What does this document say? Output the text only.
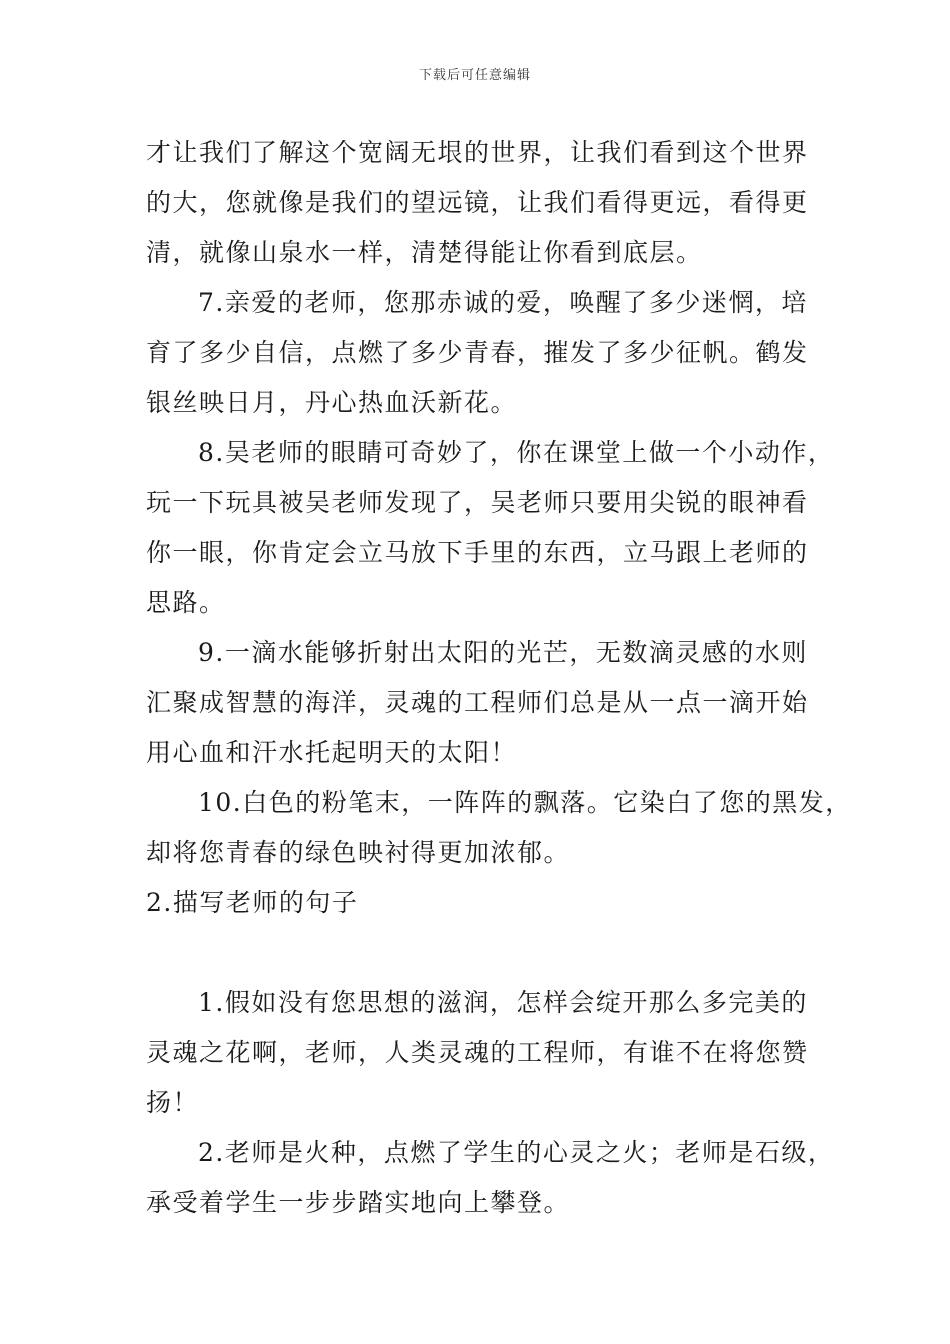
下载后可任意编辑
才让我们了解这个宽阔无垠的世界，让我们看到这个世界
的大，您就像是我们的望远镜，让我们看得更远，看得更
清，就像山泉水一样，清楚得能让你看到底层。
7.亲爱的老师，您那赤诚的爱，唤醒了多少迷惘，培
育了多少自信，点燃了多少青春，摧发了多少征帆。鹤发
银丝映日月，丹心热血沃新花。
8.吴老师的眼睛可奇妙了，你在课堂上做一个小动作，
玩一下玩具被吴老师发现了，吴老师只要用尖锐的眼神看
你一眼，你肯定会立马放下手里的东西，立马跟上老师的
思路。
9.一滴水能够折射出太阳的光芒，无数滴灵感的水则
汇聚成智慧的海洋，灵魂的工程师们总是从一点一滴开始
用心血和汗水托起明天的太阳！
10.白色的粉笔末，一阵阵的飘落。它染白了您的黑发，
却将您青春的绿色映衬得更加浓郁。
2.描写老师的句子
1.假如没有您思想的滋润，怎样会绽开那么多完美的
灵魂之花啊，老师，人类灵魂的工程师，有谁不在将您赞
扬！
2.老师是火种，点燃了学生的心灵之火；老师是石级，
承受着学生一步步踏实地向上攀登。
